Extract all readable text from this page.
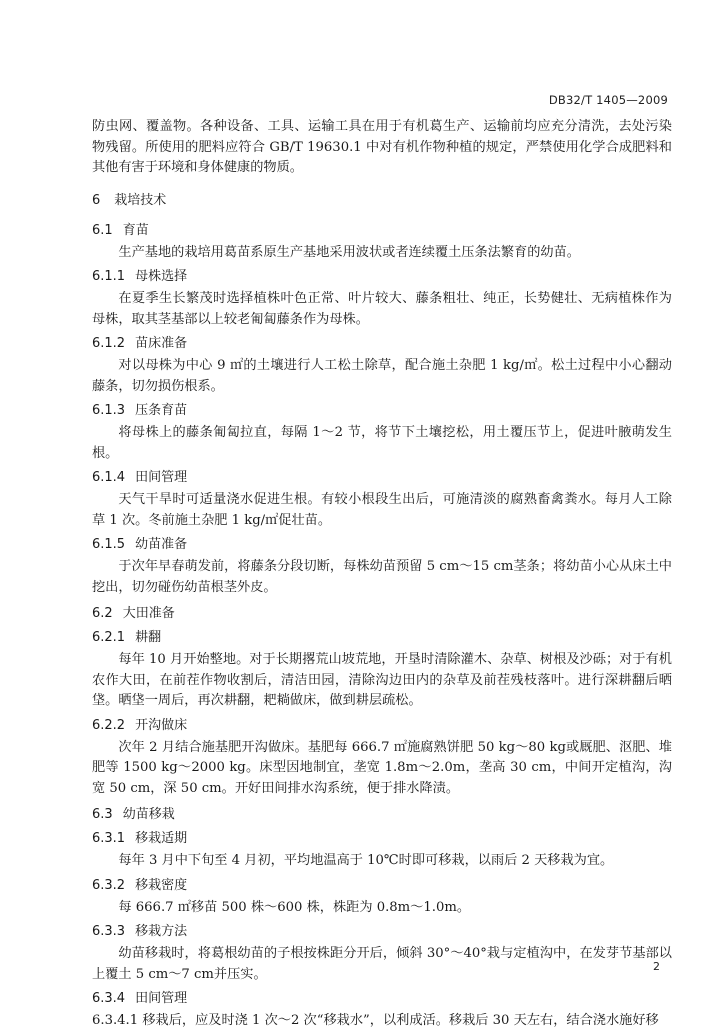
DB32/T 1405—2009

防虫网、覆盖物。各种设备、工具、运输工具在用于有机葛生产、运输前均应充分清洗，去处污染物残留。所使用的肥料应符合 GB/T 19630.1 中对有机作物种植的规定，严禁使用化学合成肥料和其他有害于环境和身体健康的物质。

6 栽培技术
6.1 育苗

生产基地的栽培用葛苗系原生产基地采用波状或者连续覆土压条法繁育的幼苗。

6.1.1 母株选择

在夏季生长繁茂时选择植株叶色正常、叶片较大、藤条粗壮、纯正，长势健壮、无病植株作为母株，取其茎基部以上较老匍匐藤条作为母株。

6.1.2 苗床准备

对以母株为中心 9 ㎡的土壤进行人工松土除草，配合施土杂肥 1 kg/㎡。松土过程中小心翻动藤条，切勿损伤根系。

6.1.3 压条育苗

将母株上的藤条匍匐拉直，每隔 1～2 节，将节下土壤挖松，用土覆压节上，促进叶腋萌发生根。

6.1.4 田间管理

天气干旱时可适量浇水促进生根。有较小根段生出后，可施清淡的腐熟畜禽粪水。每月人工除草 1 次。冬前施土杂肥 1 kg/㎡促壮苗。

6.1.5 幼苗准备

于次年早春萌发前，将藤条分段切断，每株幼苗预留 5 cm～15 cm茎条；将幼苗小心从床土中挖出，切勿碰伤幼苗根茎外皮。

6.2 大田准备
6.2.1 耕翻

每年 10 月开始整地。对于长期撂荒山坡荒地，开垦时清除灌木、杂草、树根及沙砾；对于有机农作大田，在前茬作物收割后，清洁田园，清除沟边田内的杂草及前茬残枝落叶。进行深耕翻后晒垡。晒垡一周后，再次耕翻，耙耥做床，做到耕层疏松。

6.2.2 开沟做床

次年 2 月结合施基肥开沟做床。基肥每 666.7 ㎡施腐熟饼肥 50 kg～80 kg或厩肥、沤肥、堆肥等 1500 kg～2000 kg。床型因地制宜，垄宽 1.8m～2.0m，垄高 30 cm，中间开定植沟，沟宽 50 cm，深 50 cm。开好田间排水沟系统，便于排水降渍。

6.3 幼苗移栽
6.3.1 移栽适期

每年 3 月中下旬至 4 月初，平均地温高于 10℃时即可移栽，以雨后 2 天移栽为宜。

6.3.2 移栽密度

每 666.7 ㎡移苗 500 株～600 株，株距为 0.8m～1.0m。

6.3.3 移栽方法

幼苗移栽时，将葛根幼苗的子根按株距分开后，倾斜 30°～40°栽与定植沟中，在发芽节基部以上覆土 5 cm～7 cm并压实。

6.3.4 田间管理

6.3.4.1 移栽后，应及时浇 1 次～2 次“移栽水”，以利成活。移栽后 30 天左右，结合浇水施好移

2
